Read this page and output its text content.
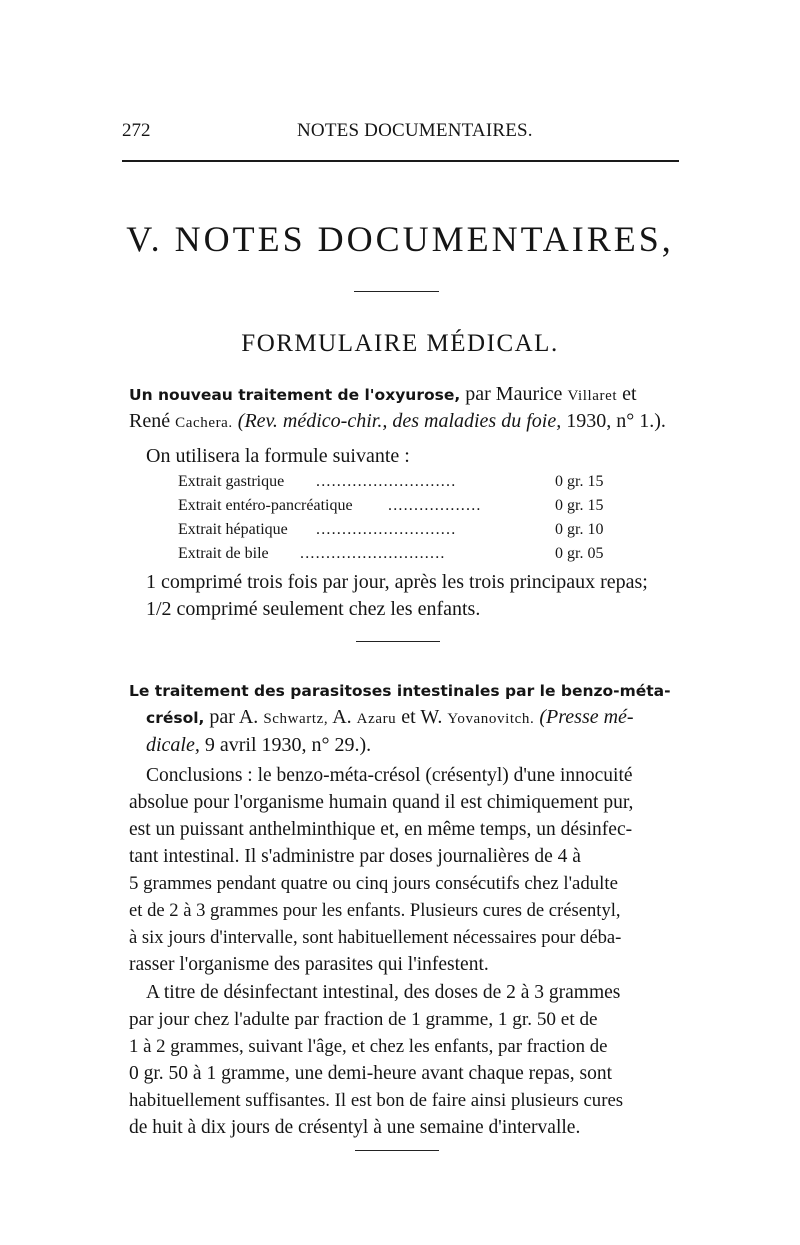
272	NOTES DOCUMENTAIRES.
V. NOTES DOCUMENTAIRES,
FORMULAIRE MÉDICAL.
Un nouveau traitement de l'oxyurose, par Maurice Villaret et
René Cachera. (Rev. médico-chir., des maladies du foie, 1930, n° 1.).
On utilisera la formule suivante :
Extrait gastrique ...........................	0 gr. 15
Extrait entéro-pancréatique ..................	0 gr. 15
Extrait hépatique ...........................	0 gr. 10
Extrait de bile ............................	0 gr. 05
1 comprimé trois fois par jour, après les trois principaux repas;
1/2 comprimé seulement chez les enfants.
Le traitement des parasitoses intestinales par le benzo-méta-
crésol, par A. Schwartz, A. Azaru et W. Yovanovitch. (Presse mé-
dicale, 9 avril 1930, n° 29.).
Conclusions : le benzo-méta-crésol (crésentyl) d'une innocuité
absolue pour l'organisme humain quand il est chimiquement pur,
est un puissant anthelminthique et, en même temps, un désinfec-
tant intestinal. Il s'administre par doses journalières de 4 à
5 grammes pendant quatre ou cinq jours consécutifs chez l'adulte
et de 2 à 3 grammes pour les enfants. Plusieurs cures de crésentyl,
à six jours d'intervalle, sont habituellement nécessaires pour déba-
rasser l'organisme des parasites qui l'infestent.
A titre de désinfectant intestinal, des doses de 2 à 3 grammes
par jour chez l'adulte par fraction de 1 gramme, 1 gr. 50 et de
1 à 2 grammes, suivant l'âge, et chez les enfants, par fraction de
0 gr. 50 à 1 gramme, une demi-heure avant chaque repas, sont
habituellement suffisantes. Il est bon de faire ainsi plusieurs cures
de huit à dix jours de crésentyl à une semaine d'intervalle.
